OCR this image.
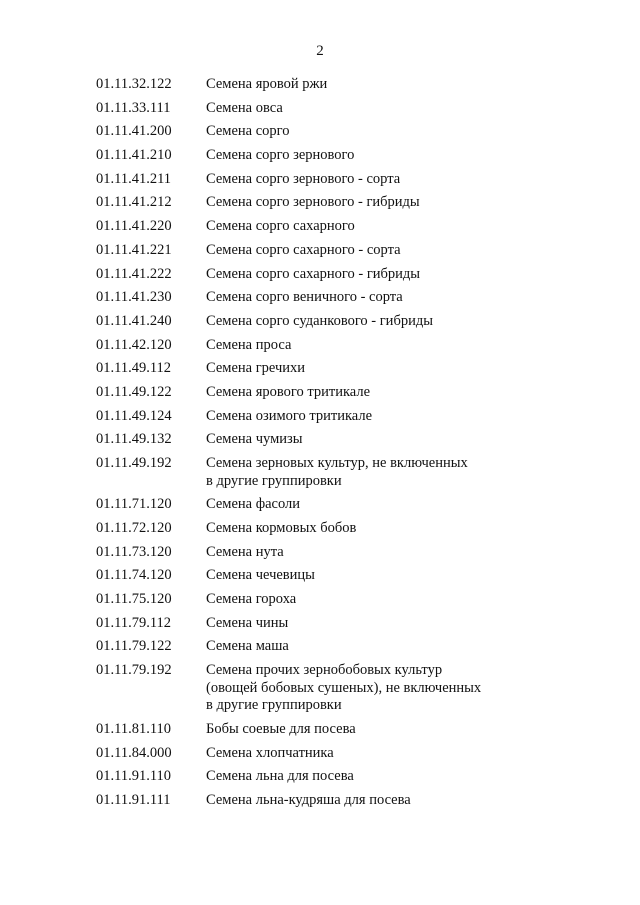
2
01.11.32.122	Семена яровой ржи
01.11.33.111	Семена овса
01.11.41.200	Семена сорго
01.11.41.210	Семена сорго зернового
01.11.41.211	Семена сорго зернового - сорта
01.11.41.212	Семена сорго зернового - гибриды
01.11.41.220	Семена сорго сахарного
01.11.41.221	Семена сорго сахарного - сорта
01.11.41.222	Семена сорго сахарного - гибриды
01.11.41.230	Семена сорго веничного - сорта
01.11.41.240	Семена сорго суданкового - гибриды
01.11.42.120	Семена проса
01.11.49.112	Семена гречихи
01.11.49.122	Семена ярового тритикале
01.11.49.124	Семена озимого тритикале
01.11.49.132	Семена чумизы
01.11.49.192	Семена зерновых культур, не включенных
в другие группировки
01.11.71.120	Семена фасоли
01.11.72.120	Семена кормовых бобов
01.11.73.120	Семена нута
01.11.74.120	Семена чечевицы
01.11.75.120	Семена гороха
01.11.79.112	Семена чины
01.11.79.122	Семена маша
01.11.79.192	Семена прочих зернобобовых культур
(овощей бобовых сушеных), не включенных
в другие группировки
01.11.81.110	Бобы соевые для посева
01.11.84.000	Семена хлопчатника
01.11.91.110	Семена льна для посева
01.11.91.111	Семена льна-кудряша для посева
